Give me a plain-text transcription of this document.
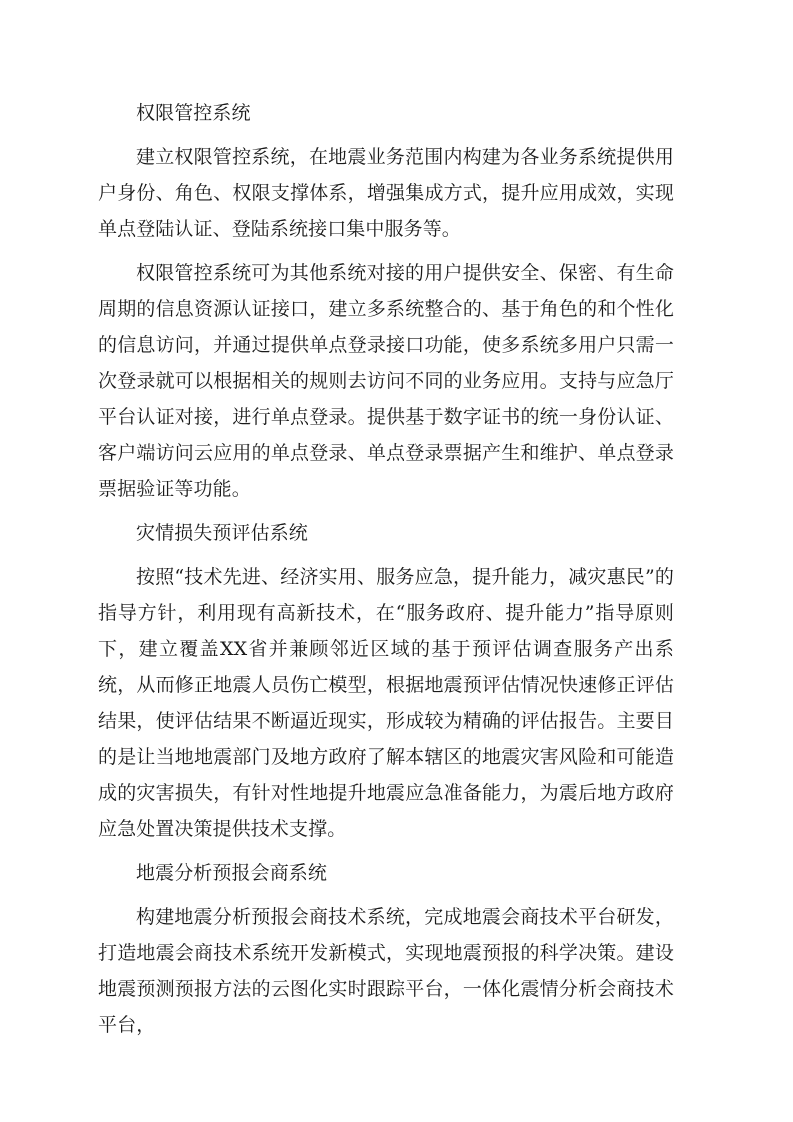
权限管控系统

建立权限管控系统，在地震业务范围内构建为各业务系统提供用户身份、角色、权限支撑体系，增强集成方式，提升应用成效，实现单点登陆认证、登陆系统接口集中服务等。

权限管控系统可为其他系统对接的用户提供安全、保密、有生命周期的信息资源认证接口，建立多系统整合的、基于角色的和个性化的信息访问，并通过提供单点登录接口功能，使多系统多用户只需一次登录就可以根据相关的规则去访问不同的业务应用。支持与应急厅平台认证对接，进行单点登录。提供基于数字证书的统一身份认证、客户端访问云应用的单点登录、单点登录票据产生和维护、单点登录票据验证等功能。

灾情损失预评估系统

按照“技术先进、经济实用、服务应急，提升能力，减灾惠民”的指导方针，利用现有高新技术，在“服务政府、提升能力”指导原则下，建立覆盖XX省并兼顾邻近区域的基于预评估调查服务产出系统，从而修正地震人员伤亡模型，根据地震预评估情况快速修正评估结果，使评估结果不断逼近现实，形成较为精确的评估报告。主要目的是让当地地震部门及地方政府了解本辖区的地震灾害风险和可能造成的灾害损失，有针对性地提升地震应急准备能力，为震后地方政府应急处置决策提供技术支撑。

地震分析预报会商系统

构建地震分析预报会商技术系统，完成地震会商技术平台研发，打造地震会商技术系统开发新模式，实现地震预报的科学决策。建设地震预测预报方法的云图化实时跟踪平台，一体化震情分析会商技术平台，
